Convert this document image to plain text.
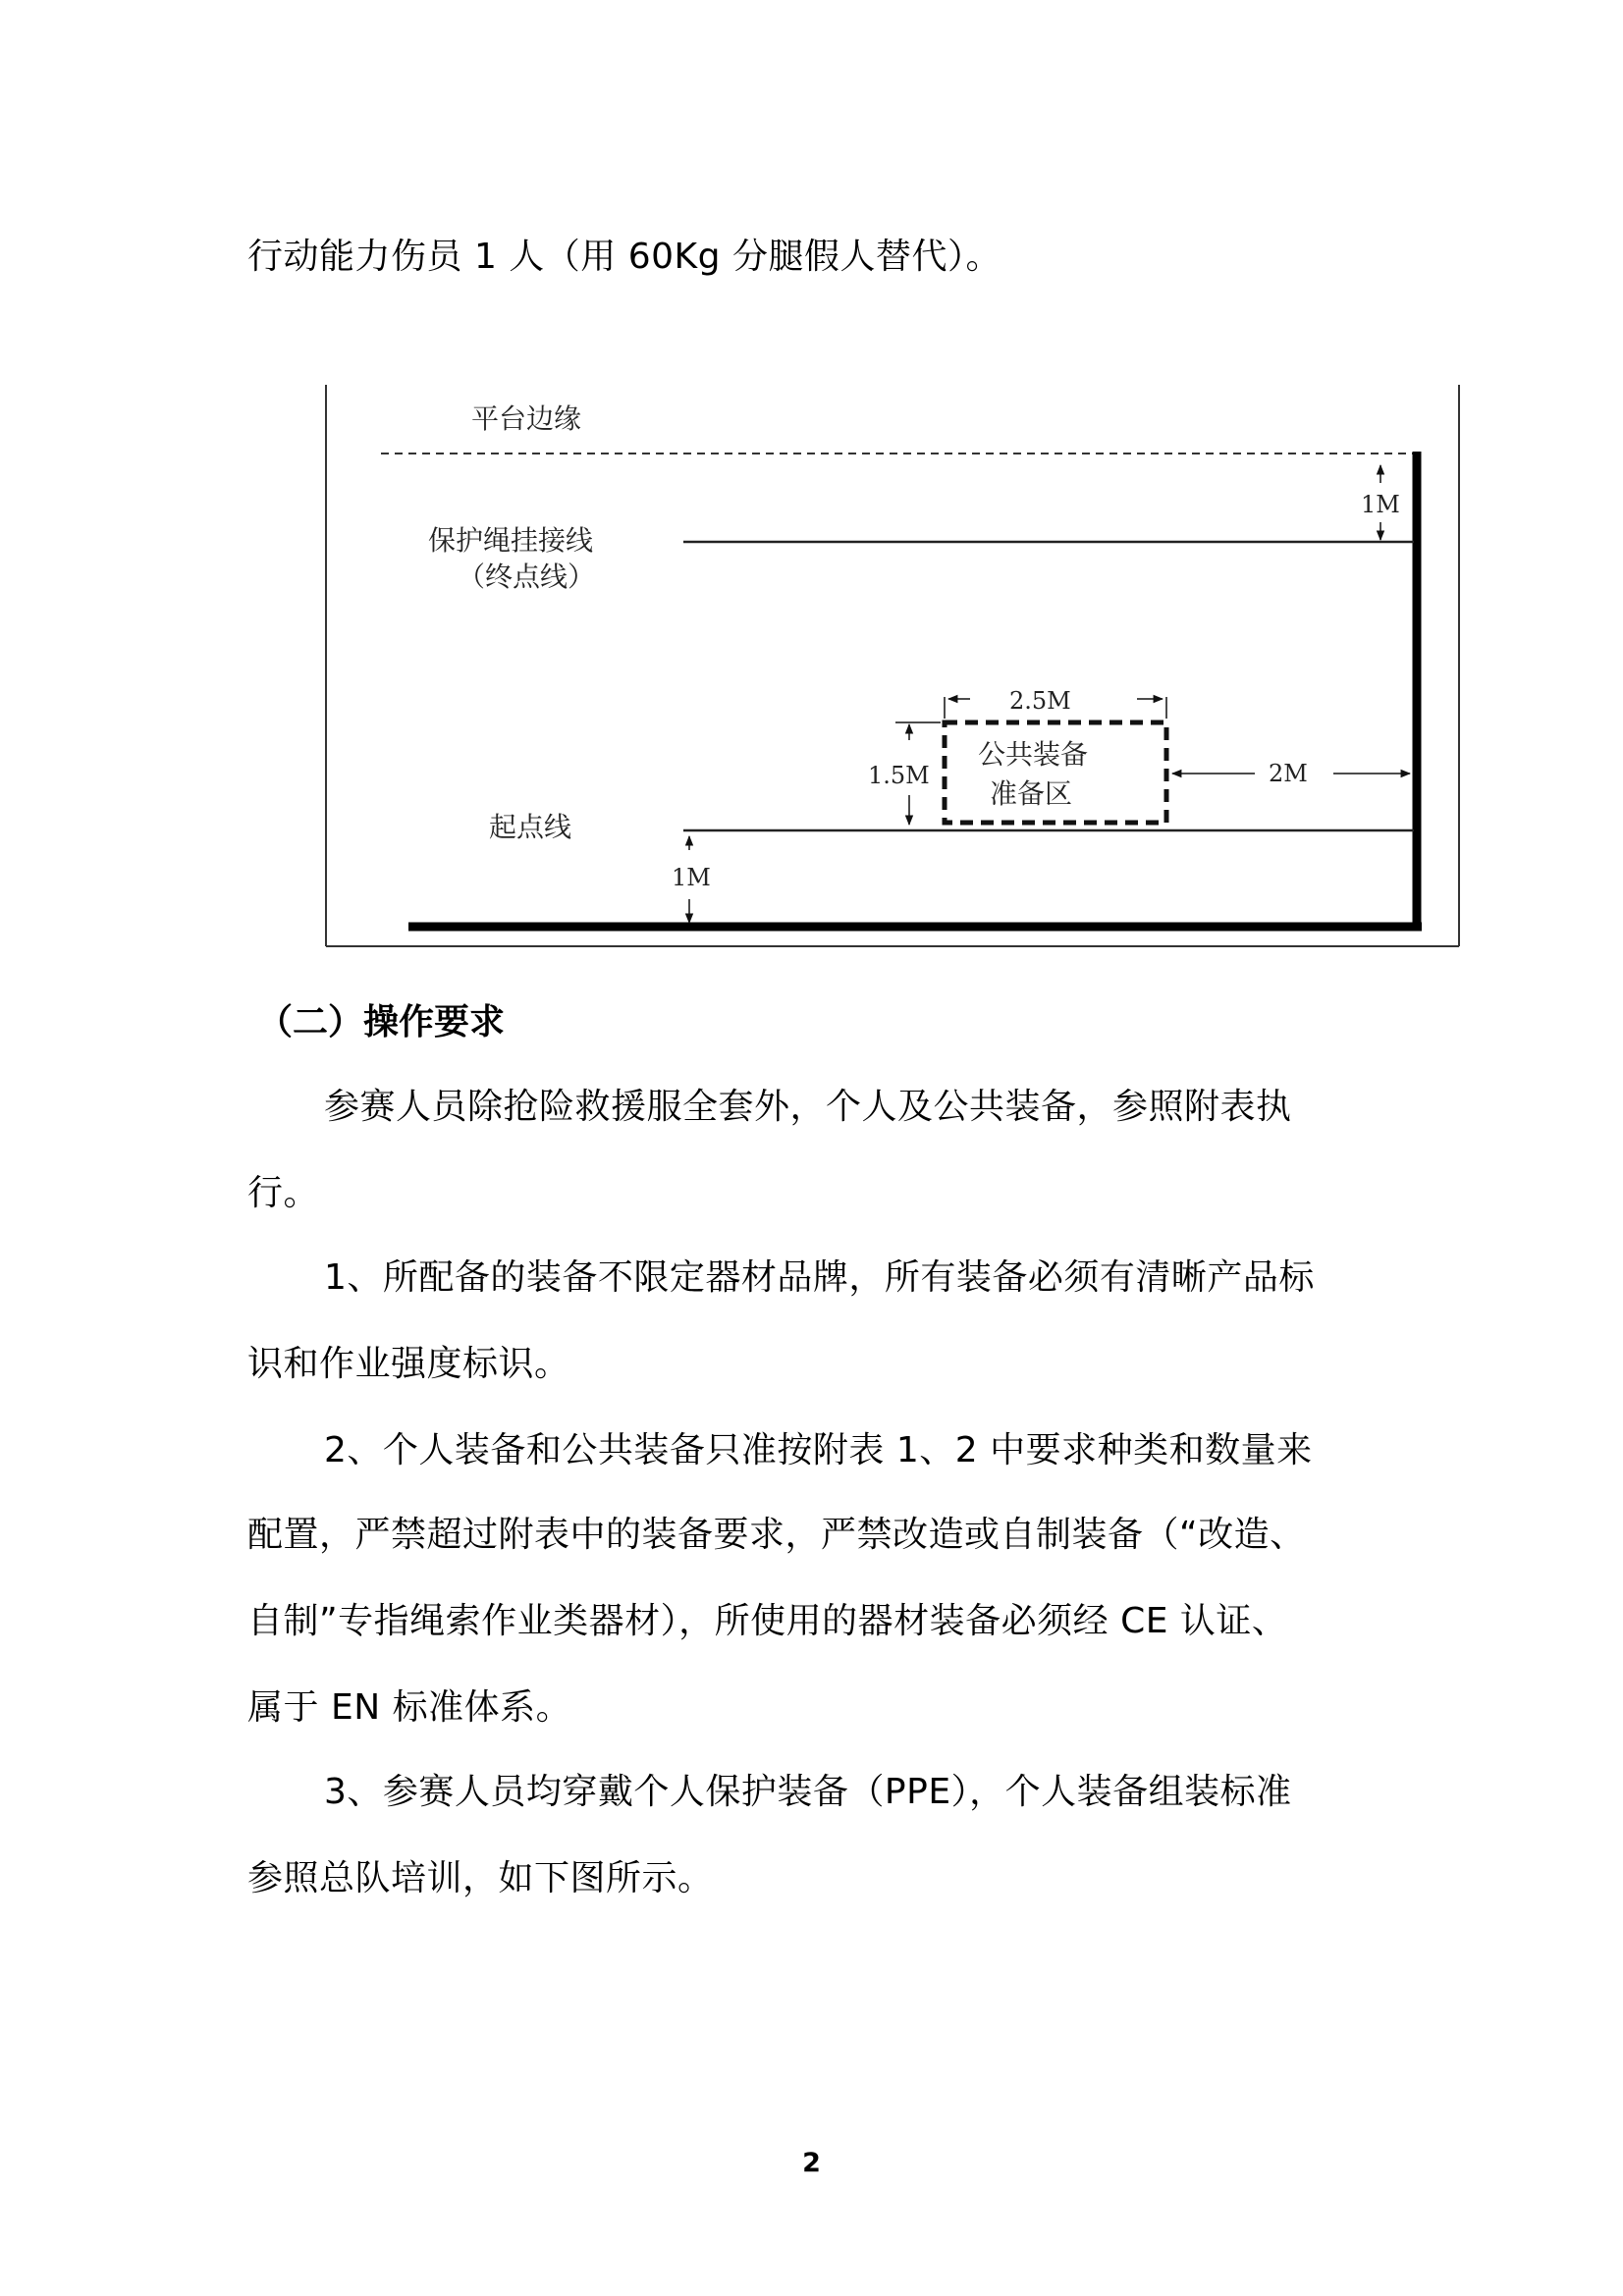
行动能力伤员 1 人（用 60Kg 分腿假人替代）。
平台边缘
保护绳挂接线
（终点线）
1M
起点线
1M
公共装备
准备区
2.5M
1.5M	2M
（二）操作要求
参赛人员除抢险救援服全套外，个人及公共装备，参照附表执
行。
1、所配备的装备不限定器材品牌，所有装备必须有清晰产品标
识和作业强度标识。
2、个人装备和公共装备只准按附表 1、2 中要求种类和数量来
配置，严禁超过附表中的装备要求，严禁改造或自制装备（“改造、
自制”专指绳索作业类器材），所使用的器材装备必须经 CE 认证、
属于 EN 标准体系。
3、参赛人员均穿戴个人保护装备（PPE），个人装备组装标准
参照总队培训，如下图所示。
2
